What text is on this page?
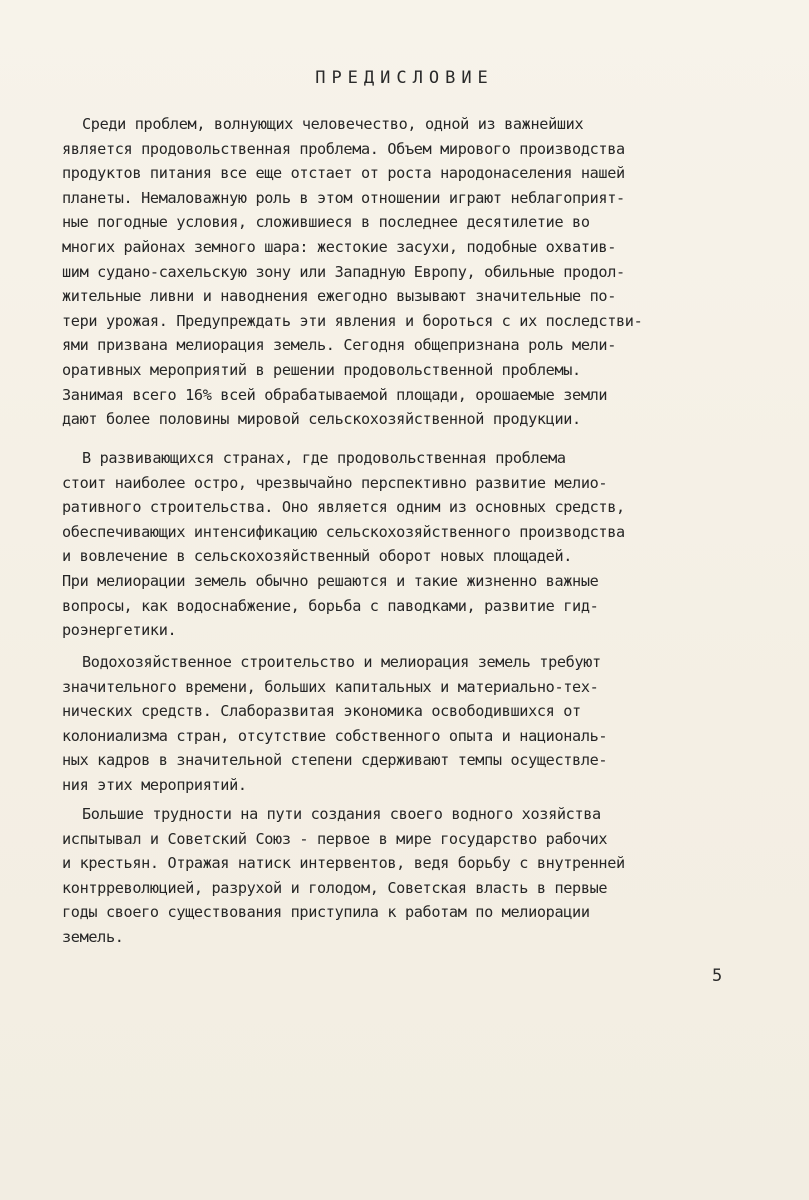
ПРЕДИСЛОВИЕ
Среди проблем, волнующих человечество, одной из важнейших
является продовольственная проблема. Объем мирового производства
продуктов питания все еще отстает от роста народонаселения нашей
планеты. Немаловажную роль в этом отношении играют неблагоприят-
ные погодные условия, сложившиеся в последнее десятилетие во
многих районах земного шара: жестокие засухи, подобные охватив-
шим судано-сахельскую зону или Западную Европу, обильные продол-
жительные ливни и наводнения ежегодно вызывают значительные по-
тери урожая. Предупреждать эти явления и бороться с их последстви-
ями призвана мелиорация земель. Сегодня общепризнана роль мели-
оративных мероприятий в решении продовольственной проблемы.
Занимая всего 16% всей обрабатываемой площади, орошаемые земли
дают более половины мировой сельскохозяйственной продукции.
В развивающихся странах, где продовольственная проблема
стоит наиболее остро, чрезвычайно перспективно развитие мелио-
ративного строительства. Оно является одним из основных средств,
обеспечивающих интенсификацию сельскохозяйственного производства
и вовлечение в сельскохозяйственный оборот новых площадей.
При мелиорации земель обычно решаются и такие жизненно важные
вопросы, как водоснабжение, борьба с паводками, развитие гид-
роэнергетики.
Водохозяйственное строительство и мелиорация земель требуют
значительного времени, больших капитальных и материально-тех-
нических средств. Слаборазвитая экономика освободившихся от
колониализма стран, отсутствие собственного опыта и националь-
ных кадров в значительной степени сдерживают темпы осуществле-
ния этих мероприятий.
Большие трудности на пути создания своего водного хозяйства
испытывал и Советский Союз - первое в мире государство рабочих
и крестьян. Отражая натиск интервентов, ведя борьбу с внутренней
контрреволюцией, разрухой и голодом, Советская власть в первые
годы своего существования приступила к работам по мелиорации
земель.
5
